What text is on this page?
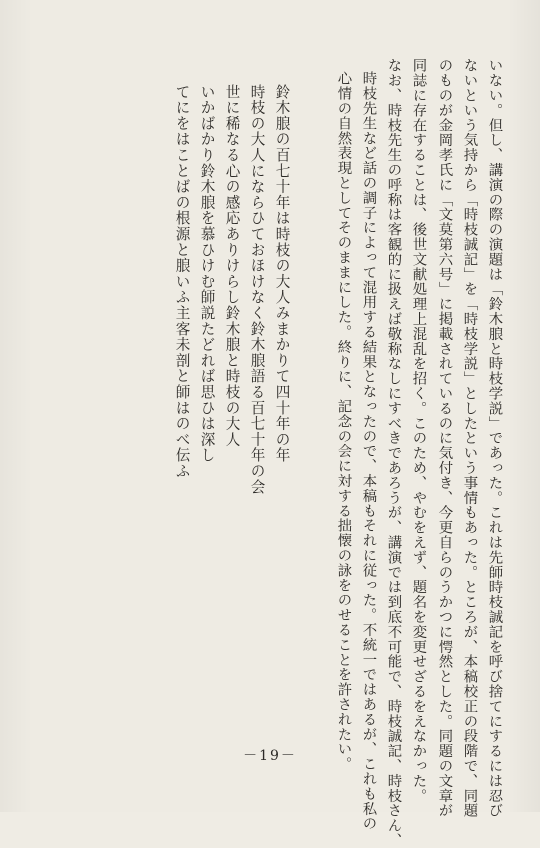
いない。但し、講演の際の演題は「鈴木朖と時枝学説」であった。これは先師時枝誠記を呼び捨てにするには忍び

ないという気持から「時枝誠記」を「時枝学説」としたという事情もあった。ところが、本稿校正の段階で、同題

のものが金岡孝氏に「文莫第六号」に掲載されているのに気付き、今更自らのうかつに愕然とした。同題の文章が

同誌に存在することは、後世文献処理上混乱を招く。このため、やむをえず、題名を変更せざるをえなかった。

なお、時枝先生の呼称は客観的に扱えば敬称なしにすべきであろうが、講演では到底不可能で、時枝誠記、時枝さん、

時枝先生など話の調子によって混用する結果となったので、本稿もそれに従った。不統一ではあるが、これも私の

心情の自然表現としてそのままにした。終りに、記念の会に対する拙懐の詠をのせることを許されたい。

鈴木朖の百七十年は時枝の大人みまかりて四十年の年

時枝の大人にならひておほけなく鈴木朖語る百七十年の会

世に稀なる心の感応ありけらし鈴木朖と時枝の大人

いかばかり鈴木朖を慕ひけむ師説たどれば思ひは深し

てにをはことばの根源と朖いふ主客未剖と師はのべ伝ふ

－19－
